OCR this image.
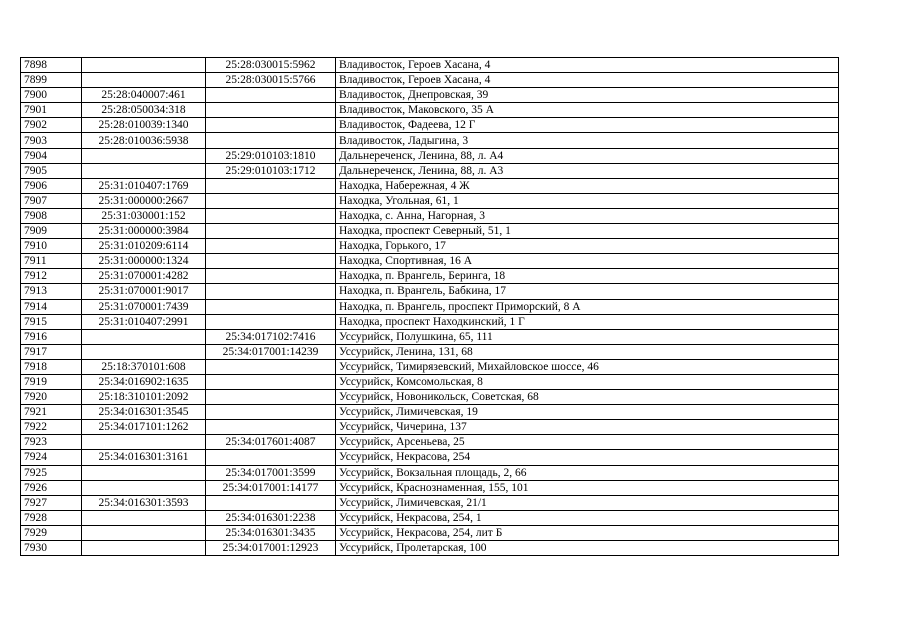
7898		25:28:030015:5962	Владивосток, Героев Хасана, 4
7899		25:28:030015:5766	Владивосток, Героев Хасана, 4
7900	25:28:040007:461		Владивосток, Днепровская, 39
7901	25:28:050034:318		Владивосток, Маковского, 35 А
7902	25:28:010039:1340		Владивосток, Фадеева, 12 Г
7903	25:28:010036:5938		Владивосток, Ладыгина, 3
7904		25:29:010103:1810	Дальнереченск, Ленина, 88, л. А4
7905		25:29:010103:1712	Дальнереченск, Ленина, 88, л. А3
7906	25:31:010407:1769		Находка, Набережная, 4 Ж
7907	25:31:000000:2667		Находка, Угольная, 61, 1
7908	25:31:030001:152		Находка, с. Анна, Нагорная, 3
7909	25:31:000000:3984		Находка, проспект Северный, 51, 1
7910	25:31:010209:6114		Находка, Горького, 17
7911	25:31:000000:1324		Находка, Спортивная, 16 А
7912	25:31:070001:4282		Находка, п. Врангель, Беринга, 18
7913	25:31:070001:9017		Находка, п. Врангель, Бабкина, 17
7914	25:31:070001:7439		Находка, п. Врангель, проспект Приморский, 8 А
7915	25:31:010407:2991		Находка, проспект Находкинский, 1 Г
7916		25:34:017102:7416	Уссурийск, Полушкина, 65, 111
7917		25:34:017001:14239	Уссурийск, Ленина, 131, 68
7918	25:18:370101:608		Уссурийск, Тимирязевский, Михайловское шоссе, 46
7919	25:34:016902:1635		Уссурийск, Комсомольская, 8
7920	25:18:310101:2092		Уссурийск, Новоникольск, Советская, 68
7921	25:34:016301:3545		Уссурийск, Лимичевская, 19
7922	25:34:017101:1262		Уссурийск, Чичерина, 137
7923		25:34:017601:4087	Уссурийск, Арсеньева, 25
7924	25:34:016301:3161		Уссурийск, Некрасова, 254
7925		25:34:017001:3599	Уссурийск, Вокзальная площадь, 2, 66
7926		25:34:017001:14177	Уссурийск, Краснознаменная, 155, 101
7927	25:34:016301:3593		Уссурийск, Лимичевская, 21/1
7928		25:34:016301:2238	Уссурийск, Некрасова, 254, 1
7929		25:34:016301:3435	Уссурийск, Некрасова, 254, лит Б
7930		25:34:017001:12923	Уссурийск, Пролетарская, 100
